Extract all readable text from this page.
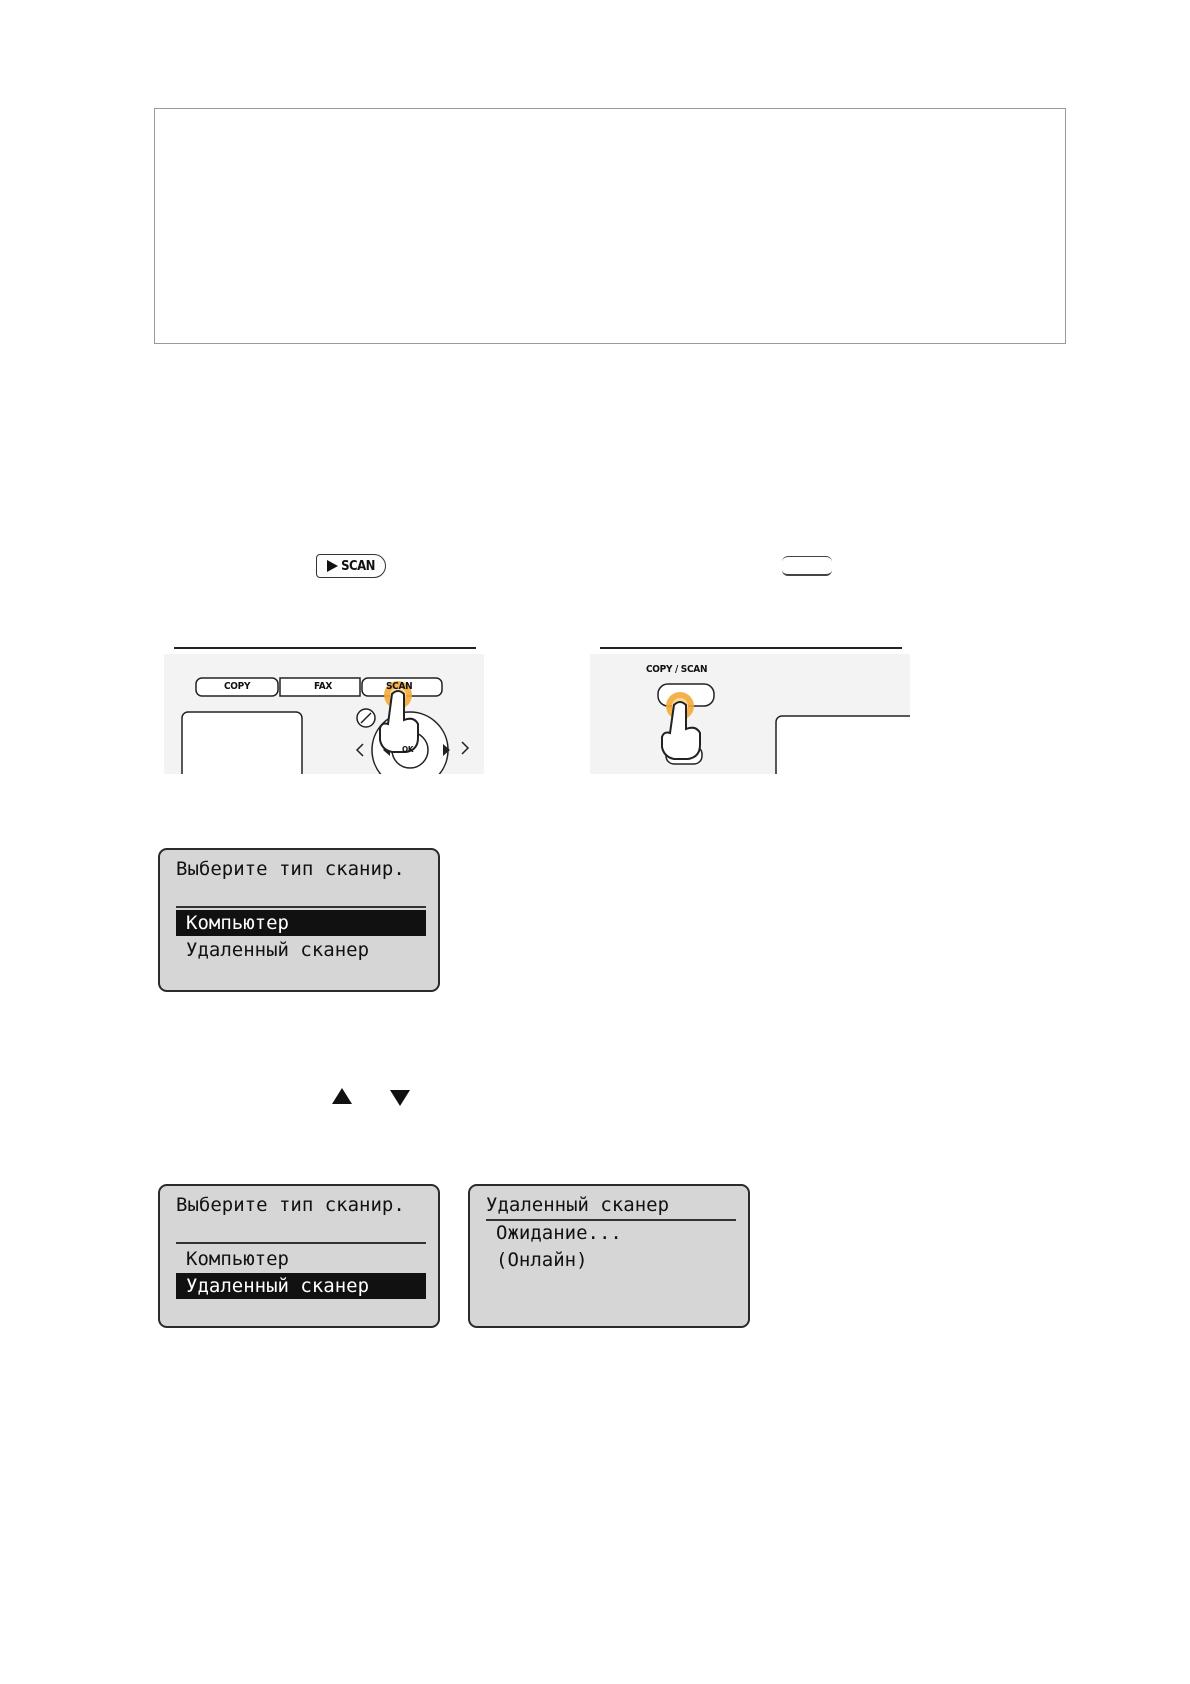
SCAN
COPY	FAX	SCAN
OK
COPY / SCAN
Выберите тип сканир.
Компьютер
Удаленный сканер
Выберите тип сканир.
Компьютер
Удаленный сканер
Удаленный сканер
Ожидание...
(Онлайн)
